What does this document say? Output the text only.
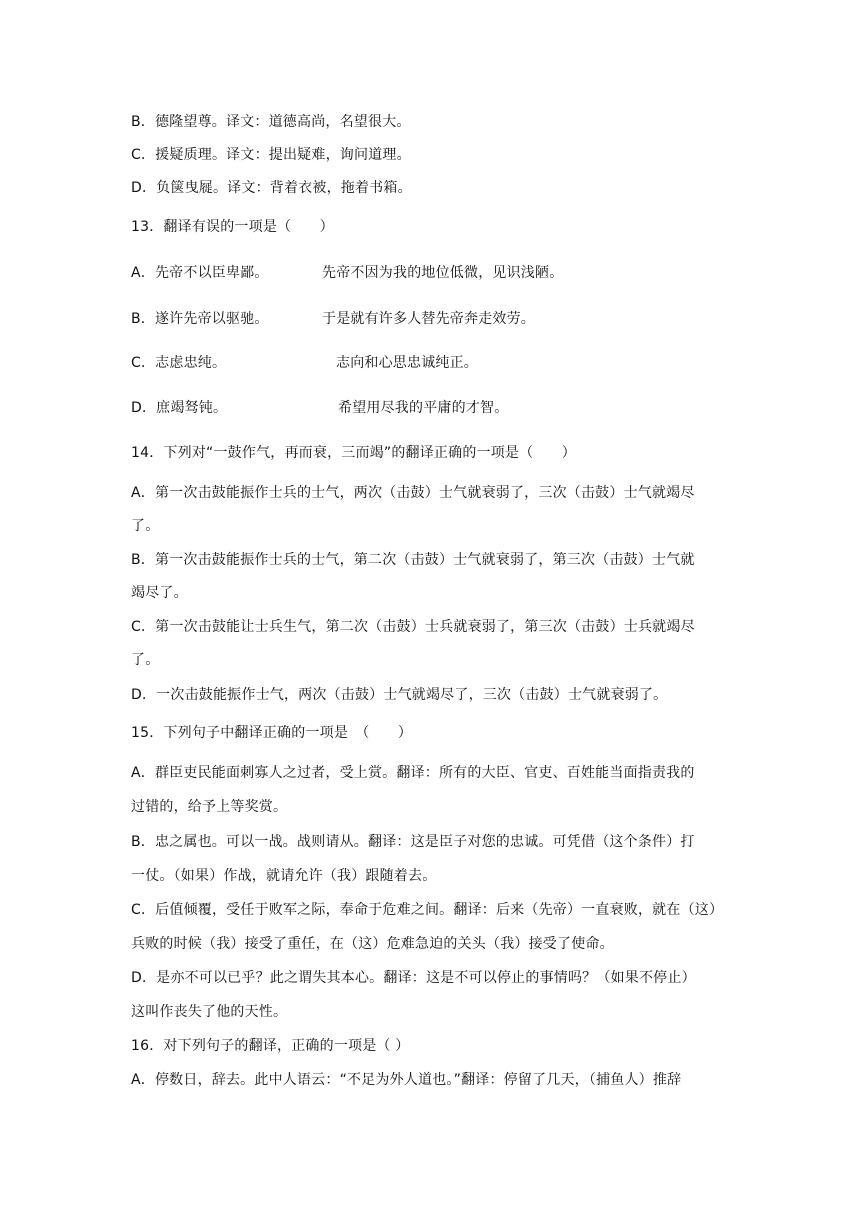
B．德隆望尊。译文：道德高尚，名望很大。
C．援疑质理。译文：提出疑难，询问道理。
D．负箧曳屣。译文：背着衣被，拖着书箱。
13．翻译有误的一项是（　　）
A．先帝不以臣卑鄙。	先帝不因为我的地位低微，见识浅陋。
B．遂许先帝以驱驰。	于是就有许多人替先帝奔走效劳。
C．志虑忠纯。	志向和心思忠诚纯正。
D．庶竭驽钝。	希望用尽我的平庸的才智。
14．下列对“一鼓作气，再而衰，三而竭”的翻译正确的一项是（　　）
A．第一次击鼓能振作士兵的士气，两次（击鼓）士气就衰弱了，三次（击鼓）士气就竭尽
了。
B．第一次击鼓能振作士兵的士气，第二次（击鼓）士气就衰弱了，第三次（击鼓）士气就
竭尽了。
C．第一次击鼓能让士兵生气，第二次（击鼓）士兵就衰弱了，第三次（击鼓）士兵就竭尽
了。
D．一次击鼓能振作士气，两次（击鼓）士气就竭尽了，三次（击鼓）士气就衰弱了。
15．下列句子中翻译正确的一项是　（　　）
A．群臣吏民能面刺寡人之过者，受上赏。翻译：所有的大臣、官吏、百姓能当面指责我的
过错的，给予上等奖赏。
B．忠之属也。可以一战。战则请从。翻译：这是臣子对您的忠诚。可凭借（这个条件）打
一仗。（如果）作战，就请允许（我）跟随着去。
C．后值倾覆，受任于败军之际，奉命于危难之间。翻译：后来（先帝）一直衰败，就在（这）
兵败的时候（我）接受了重任，在（这）危难急迫的关头（我）接受了使命。
D．是亦不可以已乎？此之谓失其本心。翻译：这是不可以停止的事情吗？（如果不停止）
这叫作丧失了他的天性。
16．对下列句子的翻译，正确的一项是（ ）
A．停数日，辞去。此中人语云：“不足为外人道也。”翻译：停留了几天，（捕鱼人）推辞
